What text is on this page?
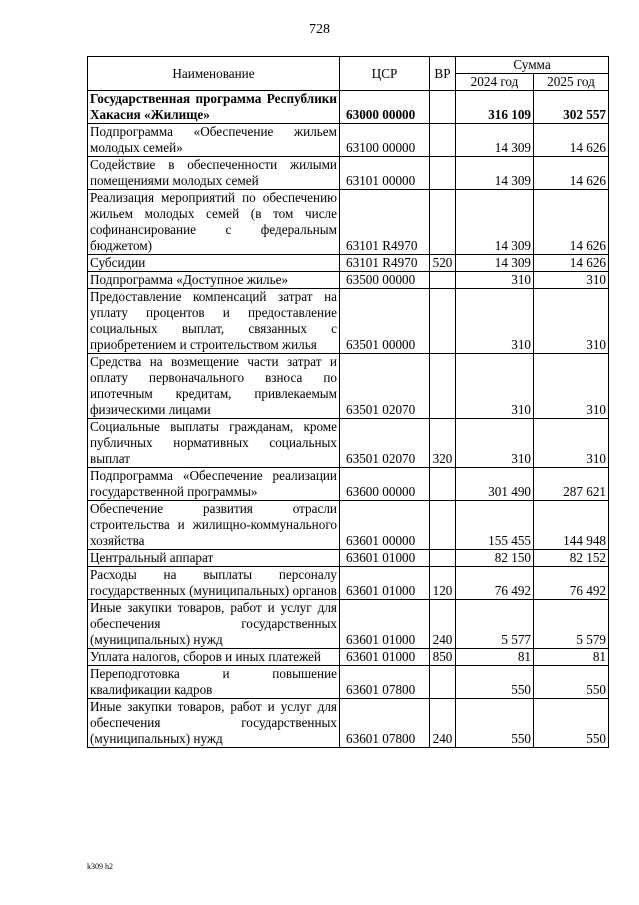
728
Наименование	ЦСР	ВР	Сумма	
			2024 год	2025 год
Государственная программа Республики Хакасия «Жилище»	63000 00000		316 109	302 557
Подпрограмма «Обеспечение жильем молодых семей»	63100 00000		14 309	14 626
Содействие в обеспеченности жилыми помещениями молодых семей	63101 00000		14 309	14 626
Реализация мероприятий по обеспечению жильем молодых семей (в том числе софинансирование с федеральным бюджетом)	63101 R4970		14 309	14 626
Субсидии	63101 R4970	520	14 309	14 626
Подпрограмма «Доступное жилье»	63500 00000		310	310
Предоставление компенсаций затрат на уплату процентов и предоставление социальных выплат, связанных с приобретением и строительством жилья	63501 00000		310	310
Средства на возмещение части затрат и оплату первоначального взноса по ипотечным кредитам, привлекаемым физическими лицами	63501 02070		310	310
Социальные выплаты гражданам, кроме публичных нормативных социальных выплат	63501 02070	320	310	310
Подпрограмма «Обеспечение реализации государственной программы»	63600 00000		301 490	287 621
Обеспечение развития отрасли строительства и жилищно-коммунального хозяйства	63601 00000		155 455	144 948
Центральный аппарат	63601 01000		82 150	82 152
Расходы на выплаты персоналу государственных (муниципальных) органов	63601 01000	120	76 492	76 492
Иные закупки товаров, работ и услуг для обеспечения государственных (муниципальных) нужд	63601 01000	240	5 577	5 579
Уплата налогов, сборов и иных платежей	63601 01000	850	81	81
Переподготовка и повышение квалификации кадров	63601 07800		550	550
Иные закупки товаров, работ и услуг для обеспечения государственных (муниципальных) нужд	63601 07800	240	550	550
k309 h2
